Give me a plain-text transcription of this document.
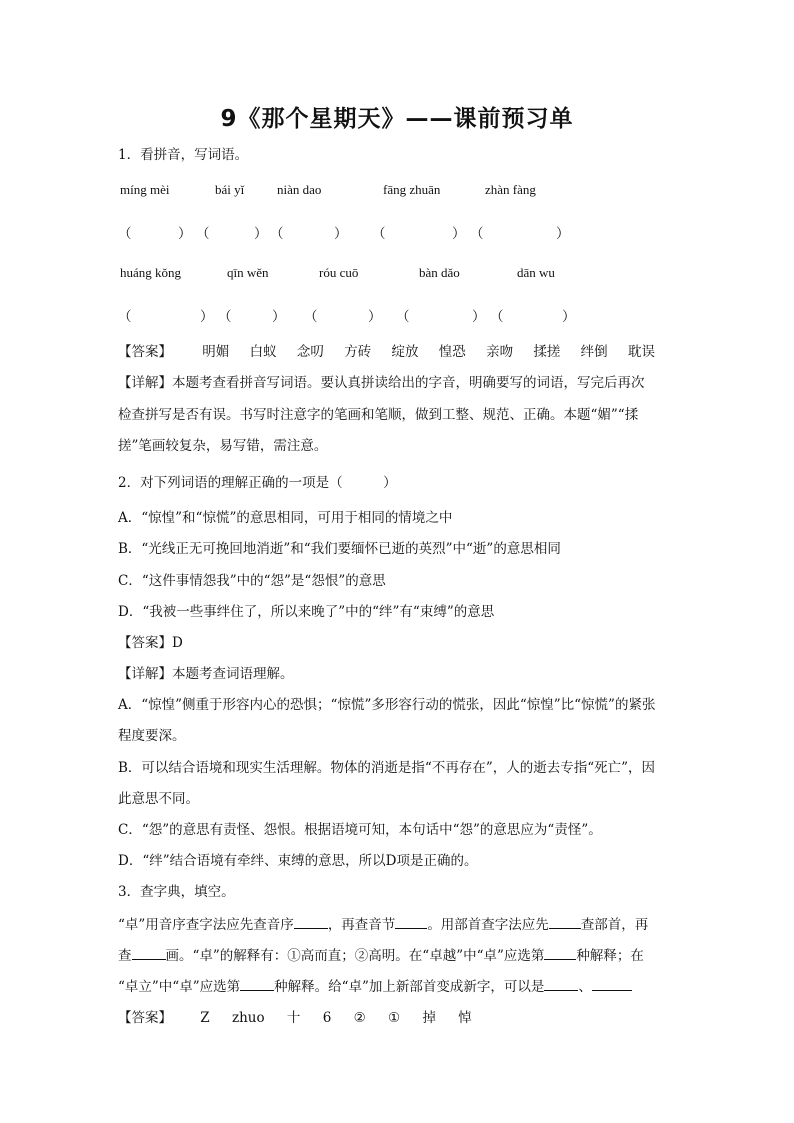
9《那个星期天》——课前预习单
1．看拼音，写词语。
míng mèi	bái yǐ	niàn dao	fāng zhuān	zhàn fàng
（	） （	） （	） （	） （	）
huáng kǒng	qīn wěn	róu cuō	bàn dǎo	dān wu
（	） （	） （	） （	） （	）
【答案】 明媚 白蚁 念叨 方砖 绽放 惶恐 亲吻 揉搓 绊倒 耽误
【详解】本题考查看拼音写词语。要认真拼读给出的字音，明确要写的词语，写完后再次
检查拼写是否有误。书写时注意字的笔画和笔顺，做到工整、规范、正确。本题“媚”“揉
搓”笔画较复杂，易写错，需注意。
2．对下列词语的理解正确的一项是（　　　）
A．“惊惶”和“惊慌”的意思相同，可用于相同的情境之中
B．“光线正无可挽回地消逝”和“我们要缅怀已逝的英烈”中“逝”的意思相同
C．“这件事情怨我”中的“怨”是“怨恨”的意思
D．“我被一些事绊住了，所以来晚了”中的“绊”有“束缚”的意思
【答案】D
【详解】本题考查词语理解。
A．“惊惶”侧重于形容内心的恐惧；“惊慌”多形容行动的慌张，因此“惊惶”比“惊慌”的紧张
程度要深。
B．可以结合语境和现实生活理解。物体的消逝是指“不再存在”，人的逝去专指“死亡”，因
此意思不同。
C．“怨”的意思有责怪、怨恨。根据语境可知，本句话中“怨”的意思应为“责怪”。
D．“绊”结合语境有牵绊、束缚的意思，所以D项是正确的。
3．查字典，填空。
“卓”用音序查字法应先查音序	，再查音节 。用部首查字法应先 查部首，再
查	画。“卓”的解释有：①高而直；②高明。在“卓越”中“卓”应选第 种解释；在
“卓立”中“卓”应选第	种解释。给“卓”加上新部首变成新字，可以是	、
【答案】 Z zhuo 十 6 ② ① 掉 悼
